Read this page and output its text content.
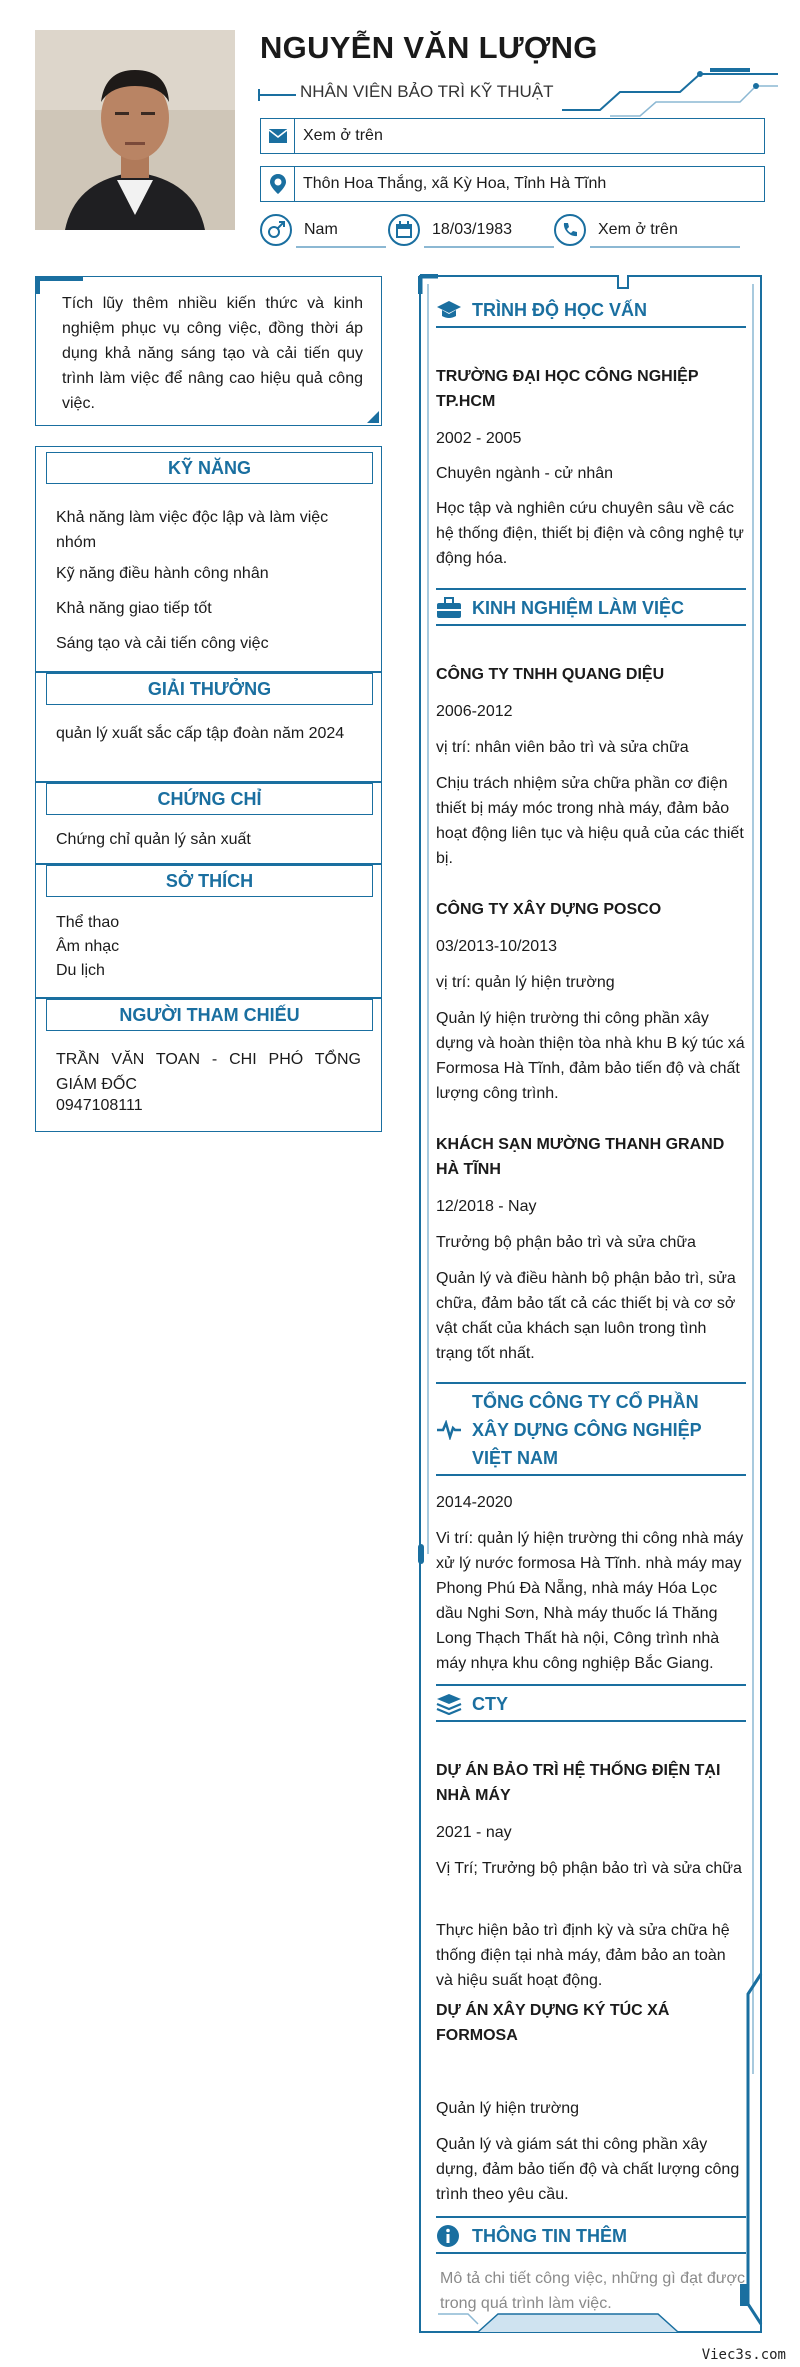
NGUYỄN VĂN LƯỢNG
NHÂN VIÊN BẢO TRÌ KỸ THUẬT
Xem ở trên
Thôn Hoa Thắng, xã Kỳ Hoa, Tỉnh Hà Tĩnh
Nam	18/03/1983	Xem ở trên

Tích lũy thêm nhiều kiến thức và kinh nghiệm phục vụ công việc, đồng thời áp dụng khả năng sáng tạo và cải tiến quy trình làm việc để nâng cao hiệu quả công việc.

KỸ NĂNG
Khả năng làm việc độc lập và làm việc nhóm
Kỹ năng điều hành công nhân
Khả năng giao tiếp tốt
Sáng tạo và cải tiến công việc
GIẢI THƯỞNG
quản lý xuất sắc cấp tập đoàn năm 2024
CHỨNG CHỈ
Chứng chỉ quản lý sản xuất
SỞ THÍCH
Thể thao
Âm nhạc
Du lịch
NGƯỜI THAM CHIẾU
TRẦN VĂN TOAN - CHI PHÓ TỔNG GIÁM ĐỐC
0947108111
TRÌNH ĐỘ HỌC VẤN
TRƯỜNG ĐẠI HỌC CÔNG NGHIỆP TP.HCM
2002 - 2005
Chuyên ngành - cử nhân
Học tập và nghiên cứu chuyên sâu về các hệ thống điện, thiết bị điện và công nghệ tự động hóa.
KINH NGHIỆM LÀM VIỆC
CÔNG TY TNHH QUANG DIỆU
2006-2012
vị trí: nhân viên bảo trì và sửa chữa
Chịu trách nhiệm sửa chữa phần cơ điện thiết bị máy móc trong nhà máy, đảm bảo hoạt động liên tục và hiệu quả của các thiết bị.
CÔNG TY XÂY DỰNG POSCO
03/2013-10/2013
vị trí: quản lý hiện trường
Quản lý hiện trường thi công phần xây dựng và hoàn thiện tòa nhà khu B ký túc xá Formosa Hà Tĩnh, đảm bảo tiến độ và chất lượng công trình.
KHÁCH SẠN MƯỜNG THANH GRAND HÀ TĨNH
12/2018 - Nay
Trưởng bộ phận bảo trì và sửa chữa
Quản lý và điều hành bộ phận bảo trì, sửa chữa, đảm bảo tất cả các thiết bị và cơ sở vật chất của khách sạn luôn trong tình trạng tốt nhất.
TỔNG CÔNG TY CỔ PHẦN XÂY DỰNG CÔNG NGHIỆP VIỆT NAM
2014-2020
Vi trí: quản lý hiện trường thi công nhà máy xử lý nước formosa Hà Tĩnh. nhà máy may Phong Phú Đà Nẵng, nhà máy Hóa Lọc dầu Nghi Sơn, Nhà máy thuốc lá Thăng Long Thạch Thất hà nội, Công trình nhà máy nhựa khu công nghiệp Bắc Giang.
CTY
DỰ ÁN BẢO TRÌ HỆ THỐNG ĐIỆN TẠI NHÀ MÁY
2021 - nay
Vị Trí; Trưởng bộ phận bảo trì và sửa chữa
Thực hiện bảo trì định kỳ và sửa chữa hệ thống điện tại nhà máy, đảm bảo an toàn và hiệu suất hoạt động.
DỰ ÁN XÂY DỰNG KÝ TÚC XÁ FORMOSA
Quản lý hiện trường
Quản lý và giám sát thi công phần xây dựng, đảm bảo tiến độ và chất lượng công trình theo yêu cầu.
THÔNG TIN THÊM
Mô tả chi tiết công việc, những gì đạt được trong quá trình làm việc.
Viec3s.com
